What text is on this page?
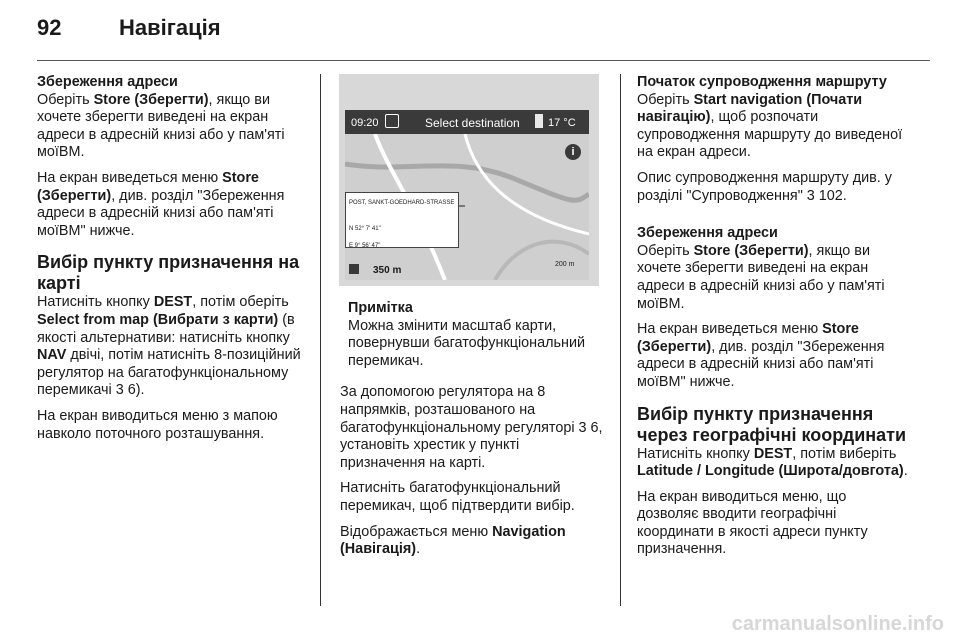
92	Навігація
Збереження адреси

Оберіть Store (Зберегти), якщо ви хочете зберегти виведені на екран адреси в адресній книзі або у пам'яті моїВМ.

На екран виведеться меню Store (Зберегти), див. розділ "Збереження адреси в адресній книзі або пам'яті моїВМ" нижче.

Вибір пункту призначення на карті

Натисніть кнопку DEST, потім оберіть Select from map (Вибрати з карти) (в якості альтернативи: натисніть кнопку NAV двічі, потім натисніть 8-позиційний регулятор на багатофункціональному перемикачі 3 6).

На екран виводиться меню з мапою навколо поточного розташування.

09:20	Select destination	17 °C
i
200 m
POST, SANKT-GOEDHARD-STRASSE
N 52° 7' 41"
E 9° 56' 47"
350 m
Примітка
Можна змінити масштаб карти, повернувши багатофункціональний перемикач.

За допомогою регулятора на 8 напрямків, розташованого на багатофункціональному регуляторі 3 6, установіть хрестик у пункті призначення на карті.

Натисніть багатофункціональний перемикач, щоб підтвердити вибір.

Відображається меню Navigation (Навігація).

Початок супроводження маршруту

Оберіть Start navigation (Почати навігацію), щоб розпочати супроводження маршруту до виведеної на екран адреси.

Опис супроводження маршруту див. у розділі "Супроводження" 3 102.

Збереження адреси

Оберіть Store (Зберегти), якщо ви хочете зберегти виведені на екран адреси в адресній книзі або у пам'яті моїВМ.

На екран виведеться меню Store (Зберегти), див. розділ "Збереження адреси в адресній книзі або пам'яті моїВМ" нижче.

Вибір пункту призначення через географічні координати

Натисніть кнопку DEST, потім виберіть Latitude / Longitude (Широта/довгота).

На екран виводиться меню, що дозволяє вводити географічні координати в якості адреси пункту призначення.

carmanualsonline.info
